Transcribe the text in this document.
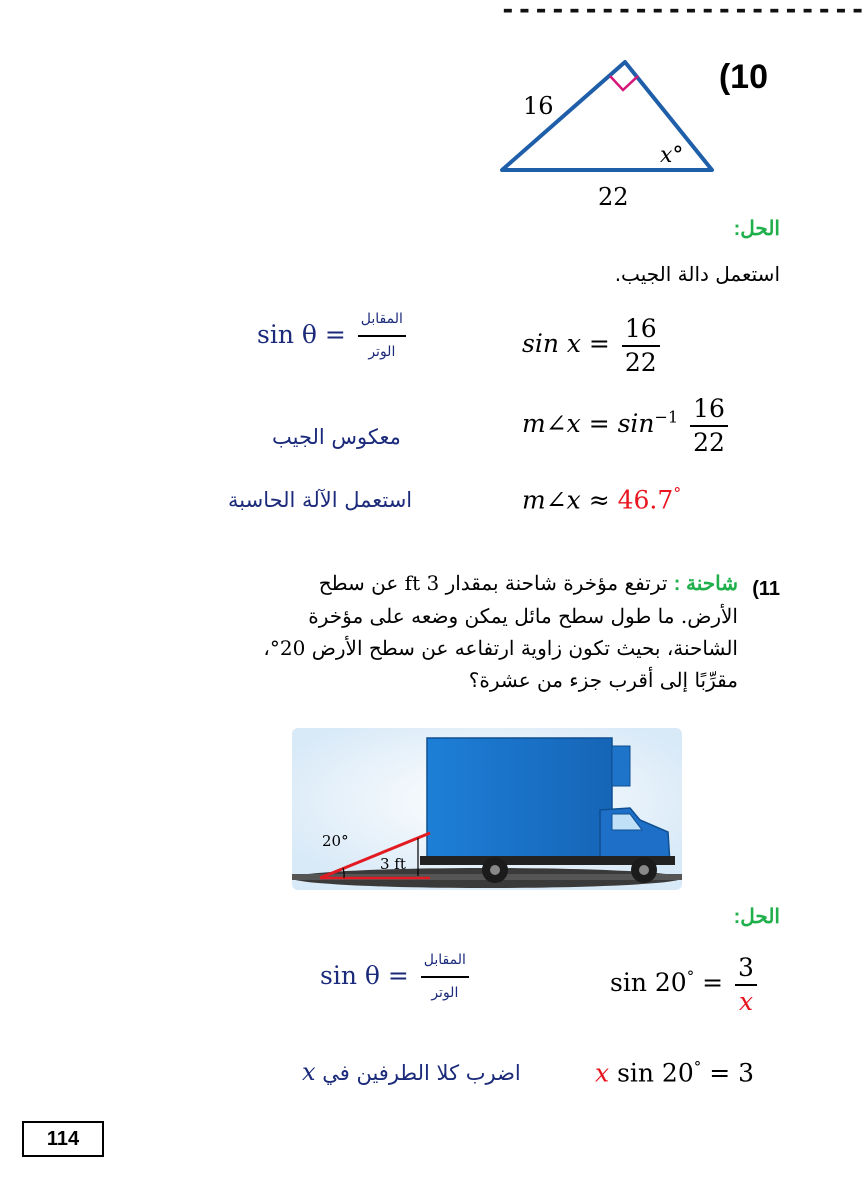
----------------------
(10
16
22
x°
الحل:
استعمل دالة الجيب.
$\sin \theta = \frac{\text{المقابل}}{\text{الوتر}}$	$\sin x = \frac{16}{22}$
معكوس الجيب	m∠x = $\sin^{-1} \frac{16}{22}$
استعمل الآلة الحاسبة	m∠x ≈ 46.7°
(11
شاحنة : ترتفع مؤخرة شاحنة بمقدار 3 ft عن سطح
الأرض. ما طول سطح مائل يمكن وضعه على مؤخرة
الشاحنة، بحيث تكون زاوية ارتفاعه عن سطح الأرض 20°،
مقرِّبًا إلى أقرب جزء من عشرة؟
20°
3 ft
الحل:
$\sin \theta = \frac{\text{المقابل}}{\text{الوتر}}$	$\sin 20^\circ = \frac{3}{x}$
x اضرب كلا الطرفين في	x sin 20° = 3
114
